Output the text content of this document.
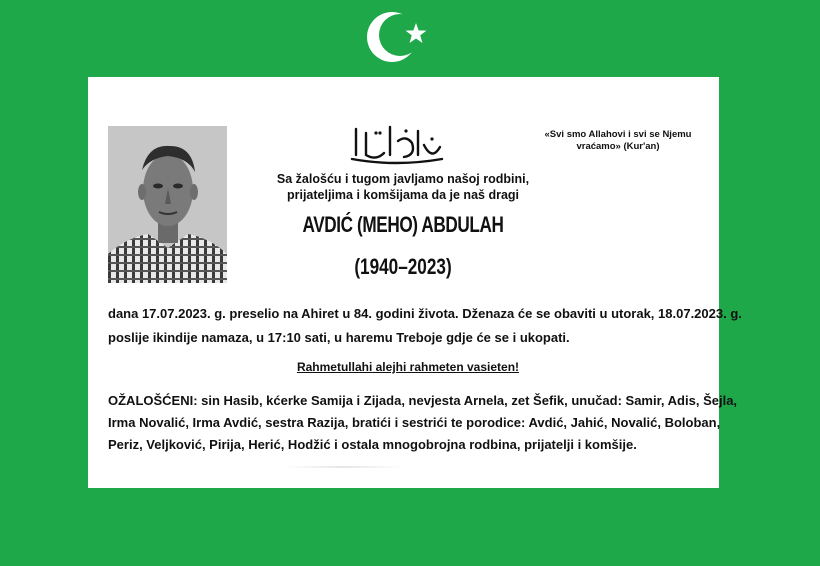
«Svi smo Allahovi i svi se Njemu vraćamo» (Kur'an)
Sa žalošću i tugom javljamo našoj rodbini,
prijateljima i komšijama da je naš dragi
AVDIĆ (MEHO) ABDULAH
(1940–2023)

dana 17.07.2023. g. preselio na Ahiret u 84. godini života. Dženaza će se obaviti u utorak, 18.07.2023. g.

poslije ikindije namaza, u 17:10 sati, u haremu Treboje gdje će se i ukopati.

Rahmetullahi alejhi rahmeten vasieten!

OŽALOŠĆENI: sin Hasib, kćerke Samija i Zijada, nevjesta Arnela, zet Šefik, unučad: Samir, Adis, Šejla,

Irma Novalić, Irma Avdić, sestra Razija, bratići i sestrići te porodice: Avdić, Jahić, Novalić, Boloban,

Periz, Veljković, Pirija, Herić, Hodžić i ostala mnogobrojna rodbina, prijatelji i komšije.
